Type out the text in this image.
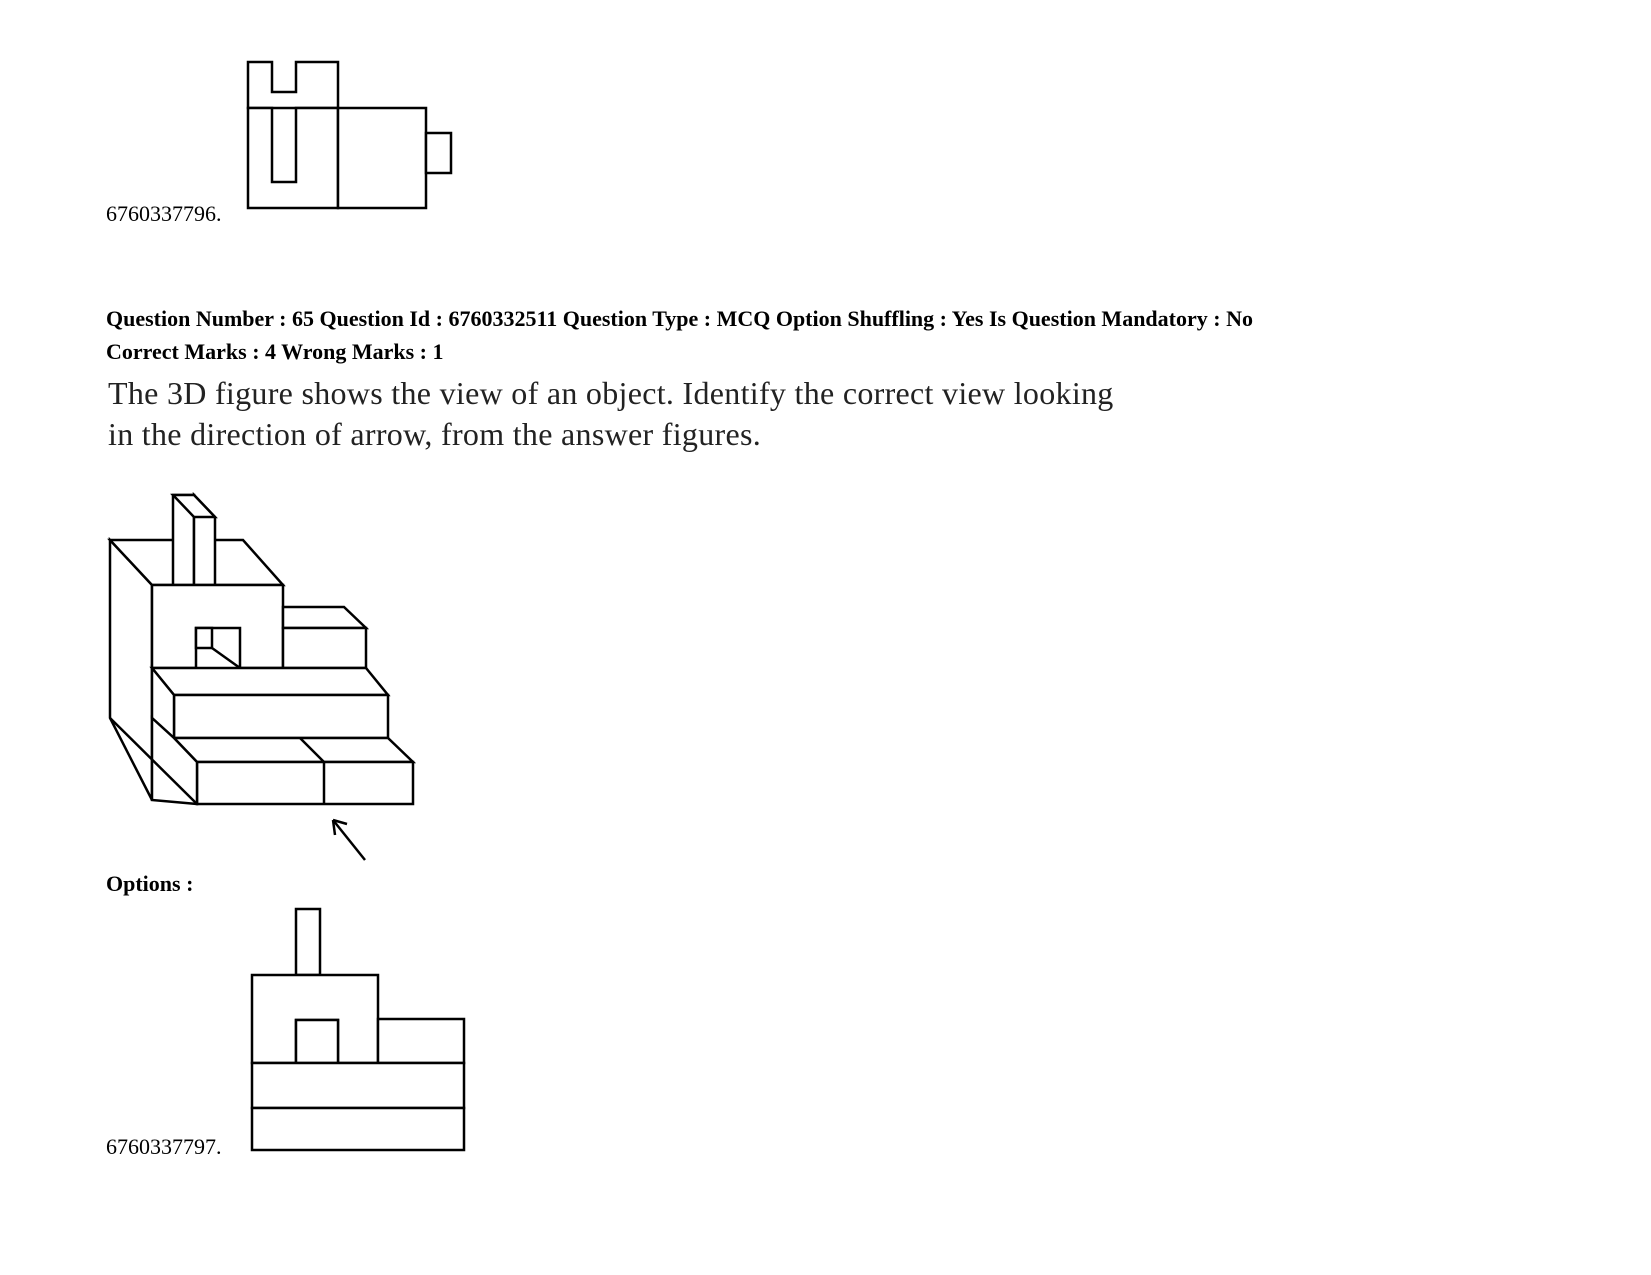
6760337796.
Question Number : 65 Question Id : 6760332511 Question Type : MCQ Option Shuffling : Yes Is Question Mandatory : No
Correct Marks : 4 Wrong Marks : 1
The 3D figure shows the view of an object. Identify the correct view looking
in the direction of arrow, from the answer figures.
Options :
6760337797.
